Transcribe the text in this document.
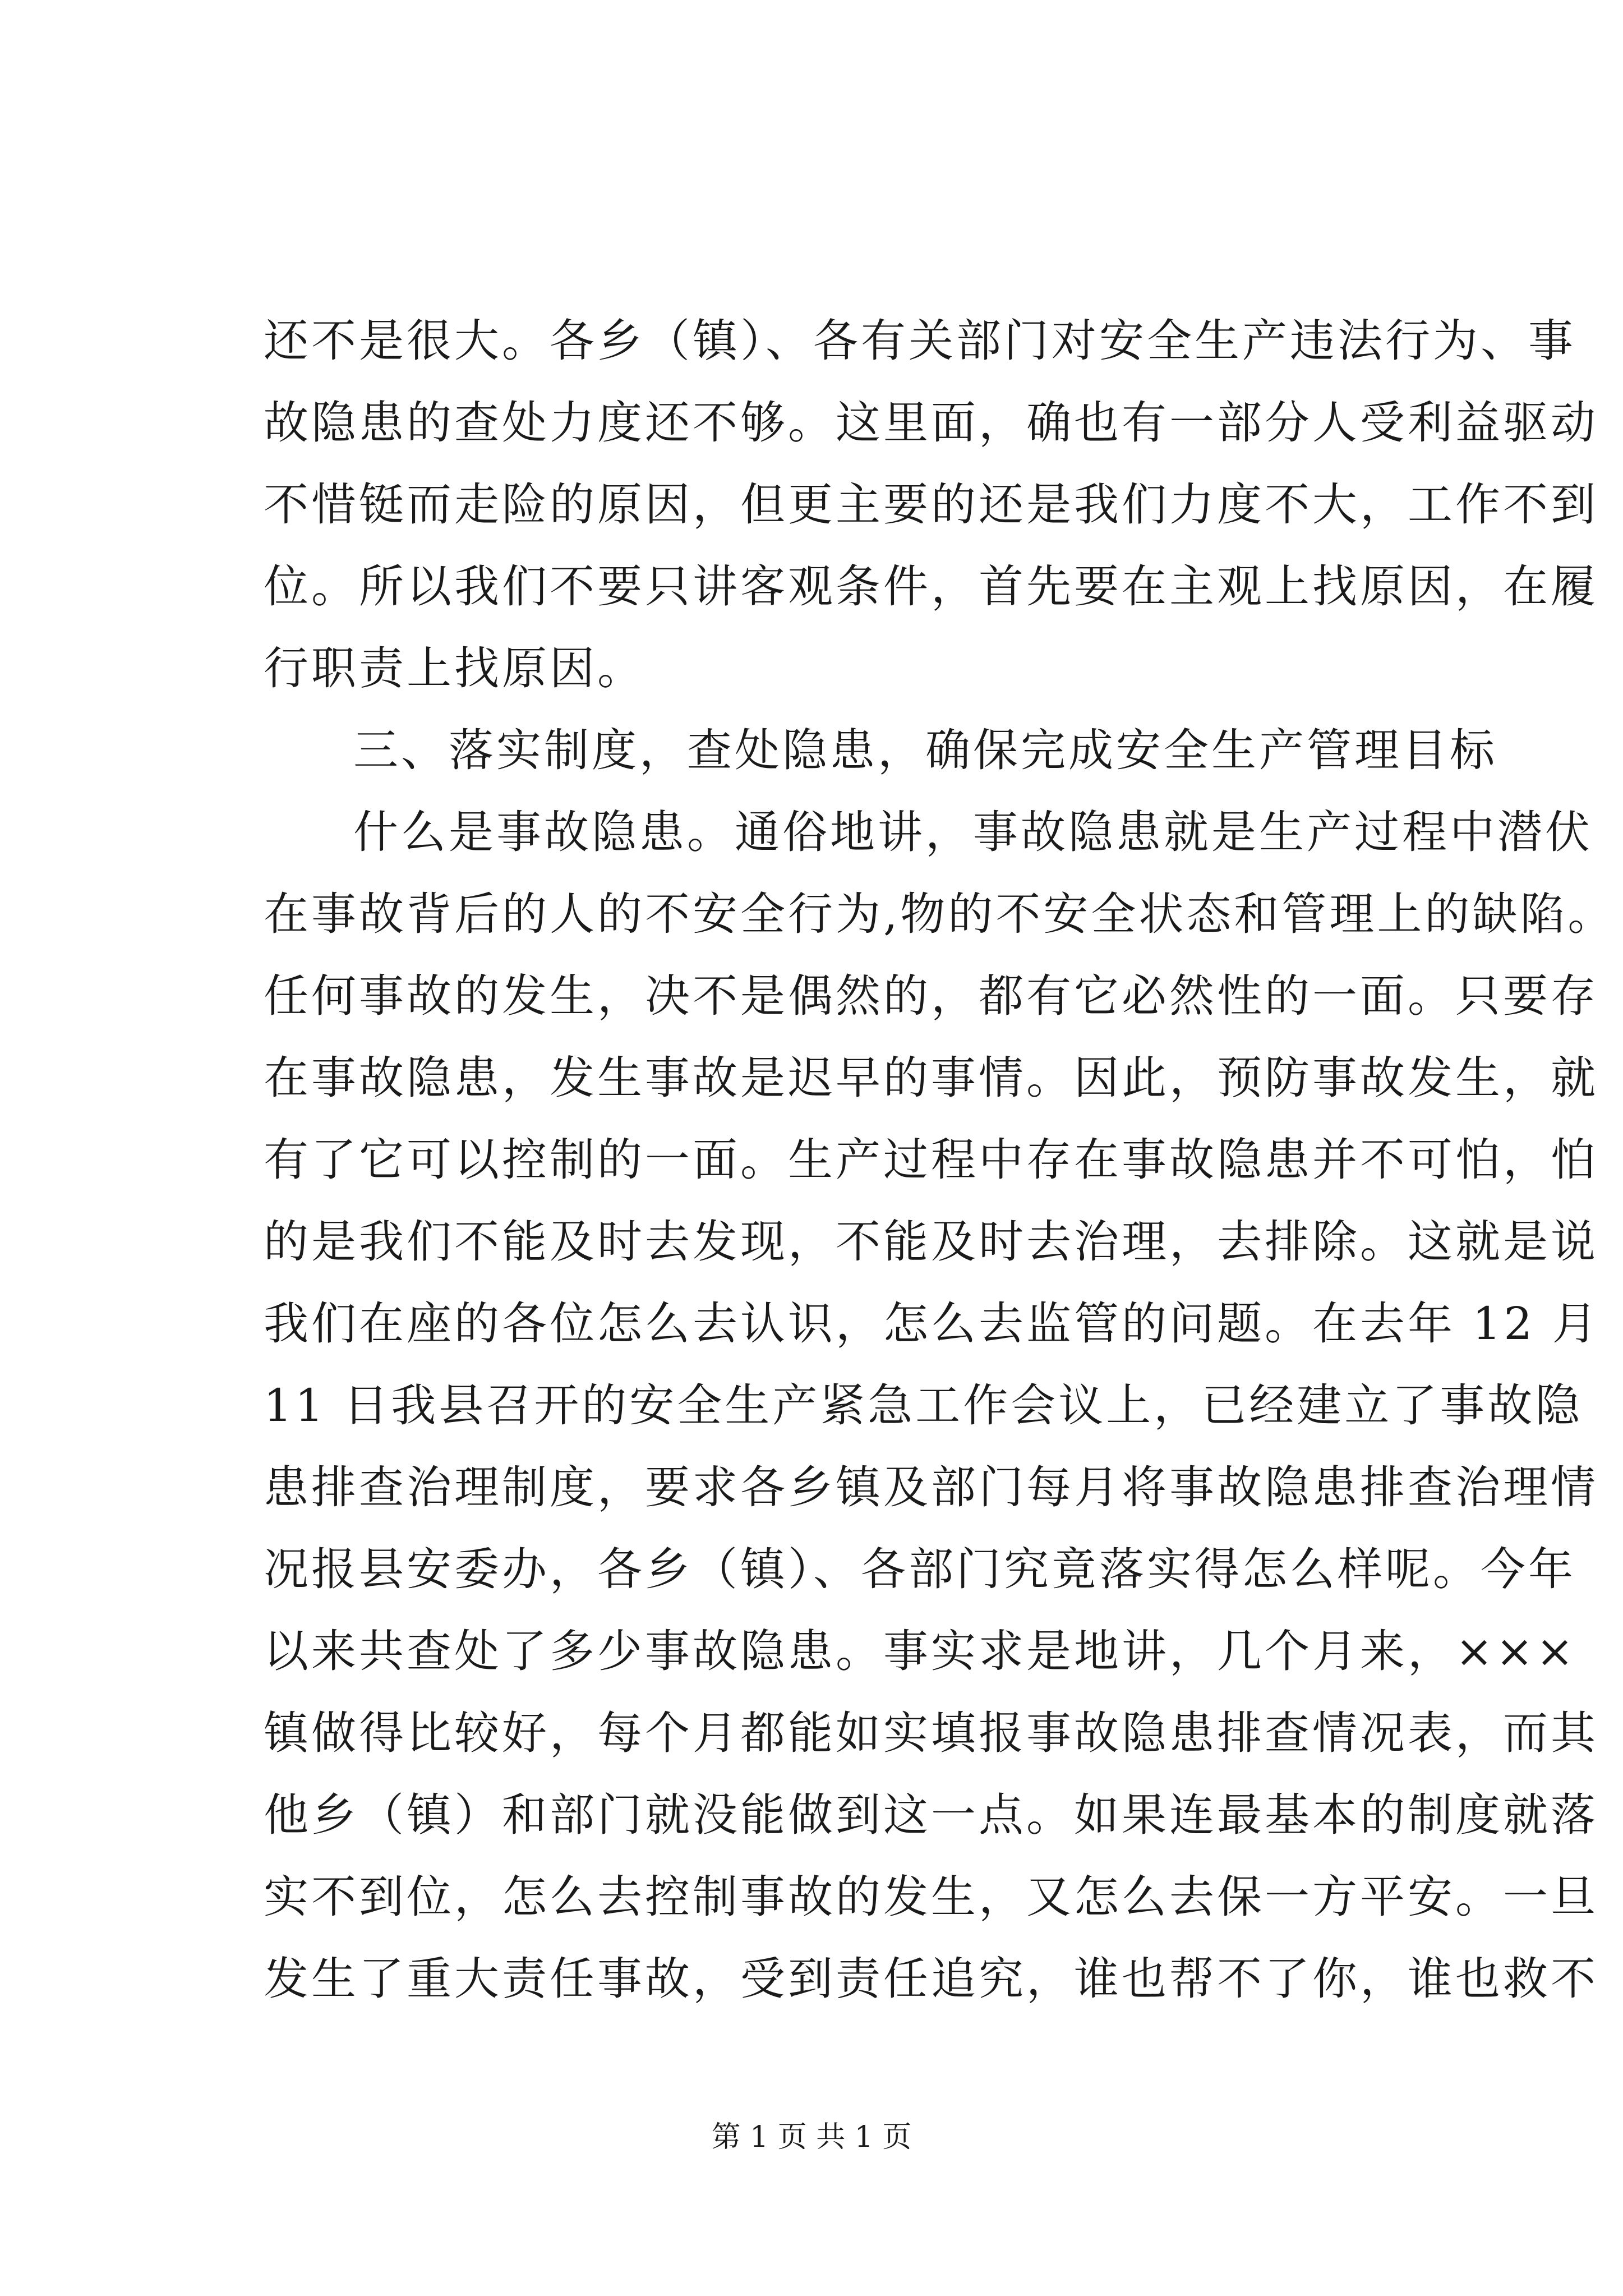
还不是很大。各乡（镇）、各有关部门对安全生产违法行为、事
故隐患的查处力度还不够。这里面，确也有一部分人受利益驱动
不惜铤而走险的原因，但更主要的还是我们力度不大，工作不到
位。所以我们不要只讲客观条件，首先要在主观上找原因，在履
行职责上找原因。
三、落实制度，查处隐患，确保完成安全生产管理目标
什么是事故隐患。通俗地讲，事故隐患就是生产过程中潜伏
在事故背后的人的不安全行为,物的不安全状态和管理上的缺陷。
任何事故的发生，决不是偶然的，都有它必然性的一面。只要存
在事故隐患，发生事故是迟早的事情。因此，预防事故发生，就
有了它可以控制的一面。生产过程中存在事故隐患并不可怕，怕
的是我们不能及时去发现，不能及时去治理，去排除。这就是说
我们在座的各位怎么去认识，怎么去监管的问题。在去年 12 月
11 日我县召开的安全生产紧急工作会议上，已经建立了事故隐
患排查治理制度，要求各乡镇及部门每月将事故隐患排查治理情
况报县安委办，各乡（镇）、各部门究竟落实得怎么样呢。今年
以来共查处了多少事故隐患。事实求是地讲，几个月来，×××
镇做得比较好，每个月都能如实填报事故隐患排查情况表，而其
他乡（镇）和部门就没能做到这一点。如果连最基本的制度就落
实不到位，怎么去控制事故的发生，又怎么去保一方平安。一旦
发生了重大责任事故，受到责任追究，谁也帮不了你，谁也救不
第 1 页 共 1 页
